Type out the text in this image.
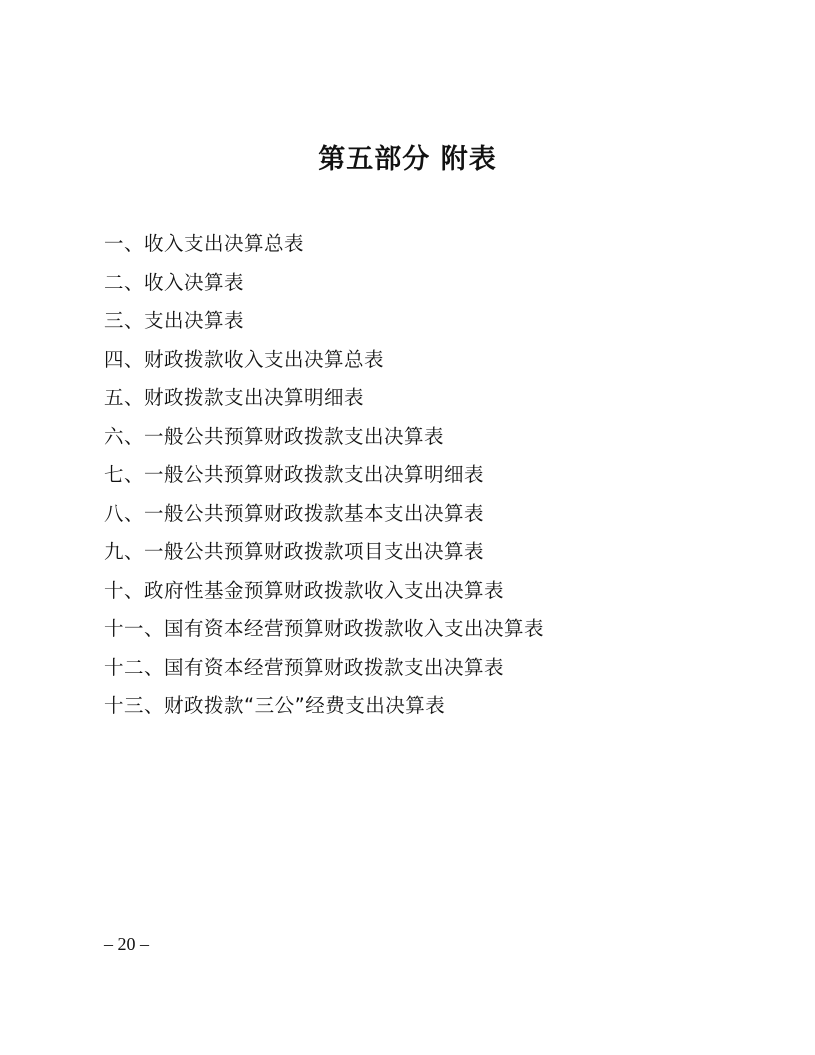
第五部分 附表
一、收入支出决算总表
二、收入决算表
三、支出决算表
四、财政拨款收入支出决算总表
五、财政拨款支出决算明细表
六、一般公共预算财政拨款支出决算表
七、一般公共预算财政拨款支出决算明细表
八、一般公共预算财政拨款基本支出决算表
九、一般公共预算财政拨款项目支出决算表
十、政府性基金预算财政拨款收入支出决算表
十一、国有资本经营预算财政拨款收入支出决算表
十二、国有资本经营预算财政拨款支出决算表
十三、财政拨款“三公”经费支出决算表
– 20 –
